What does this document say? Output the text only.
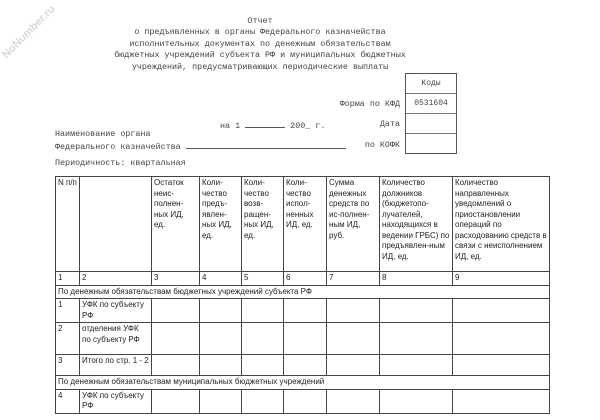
NoNumber.ru	Отчет
о предъявленных в органы Федерального казначейства
исполнительных документах по денежным обязательствам
бюджетных учреждений субъекта РФ и муниципальных бюджетных
учреждений, предусматривающих периодические выплаты
Коды
0531604
Форма по КФД
на 1	200_ г.	Дата
Наименование органа
Федерального казначейства	по КОФК
Периодичность: квартальная
N п/п		Остаток неис-полнен-ных ИД, ед.	Коли-чество предъ-явлен-ных ИД, ед.	Коли-чество возв-ращен-ных ИД, ед.	Коли-чество испол-ненных ИД, ед.	Сумма денежных средств по ис-полнен-ным ИД, руб.	Количество должников (бюджетопо-лучателей, находящихся в ведении ГРБС) по предъявлен-ным ИД, ед.	Количество направленных уведомлений о приостановлении операций по расходованию средств в связи с неисполнением ИД, ед.
1	2	3	4	5	6	7	8	9
По денежным обязательствам бюджетных учреждений субъекта РФ								
1	УФК по субъекту РФ							
2	отделения УФК по субъекту РФ							
3	Итого по стр. 1 - 2							
По денежным обязательствам муниципальных бюджетных учреждений								
4	УФК по субъекту РФ							
